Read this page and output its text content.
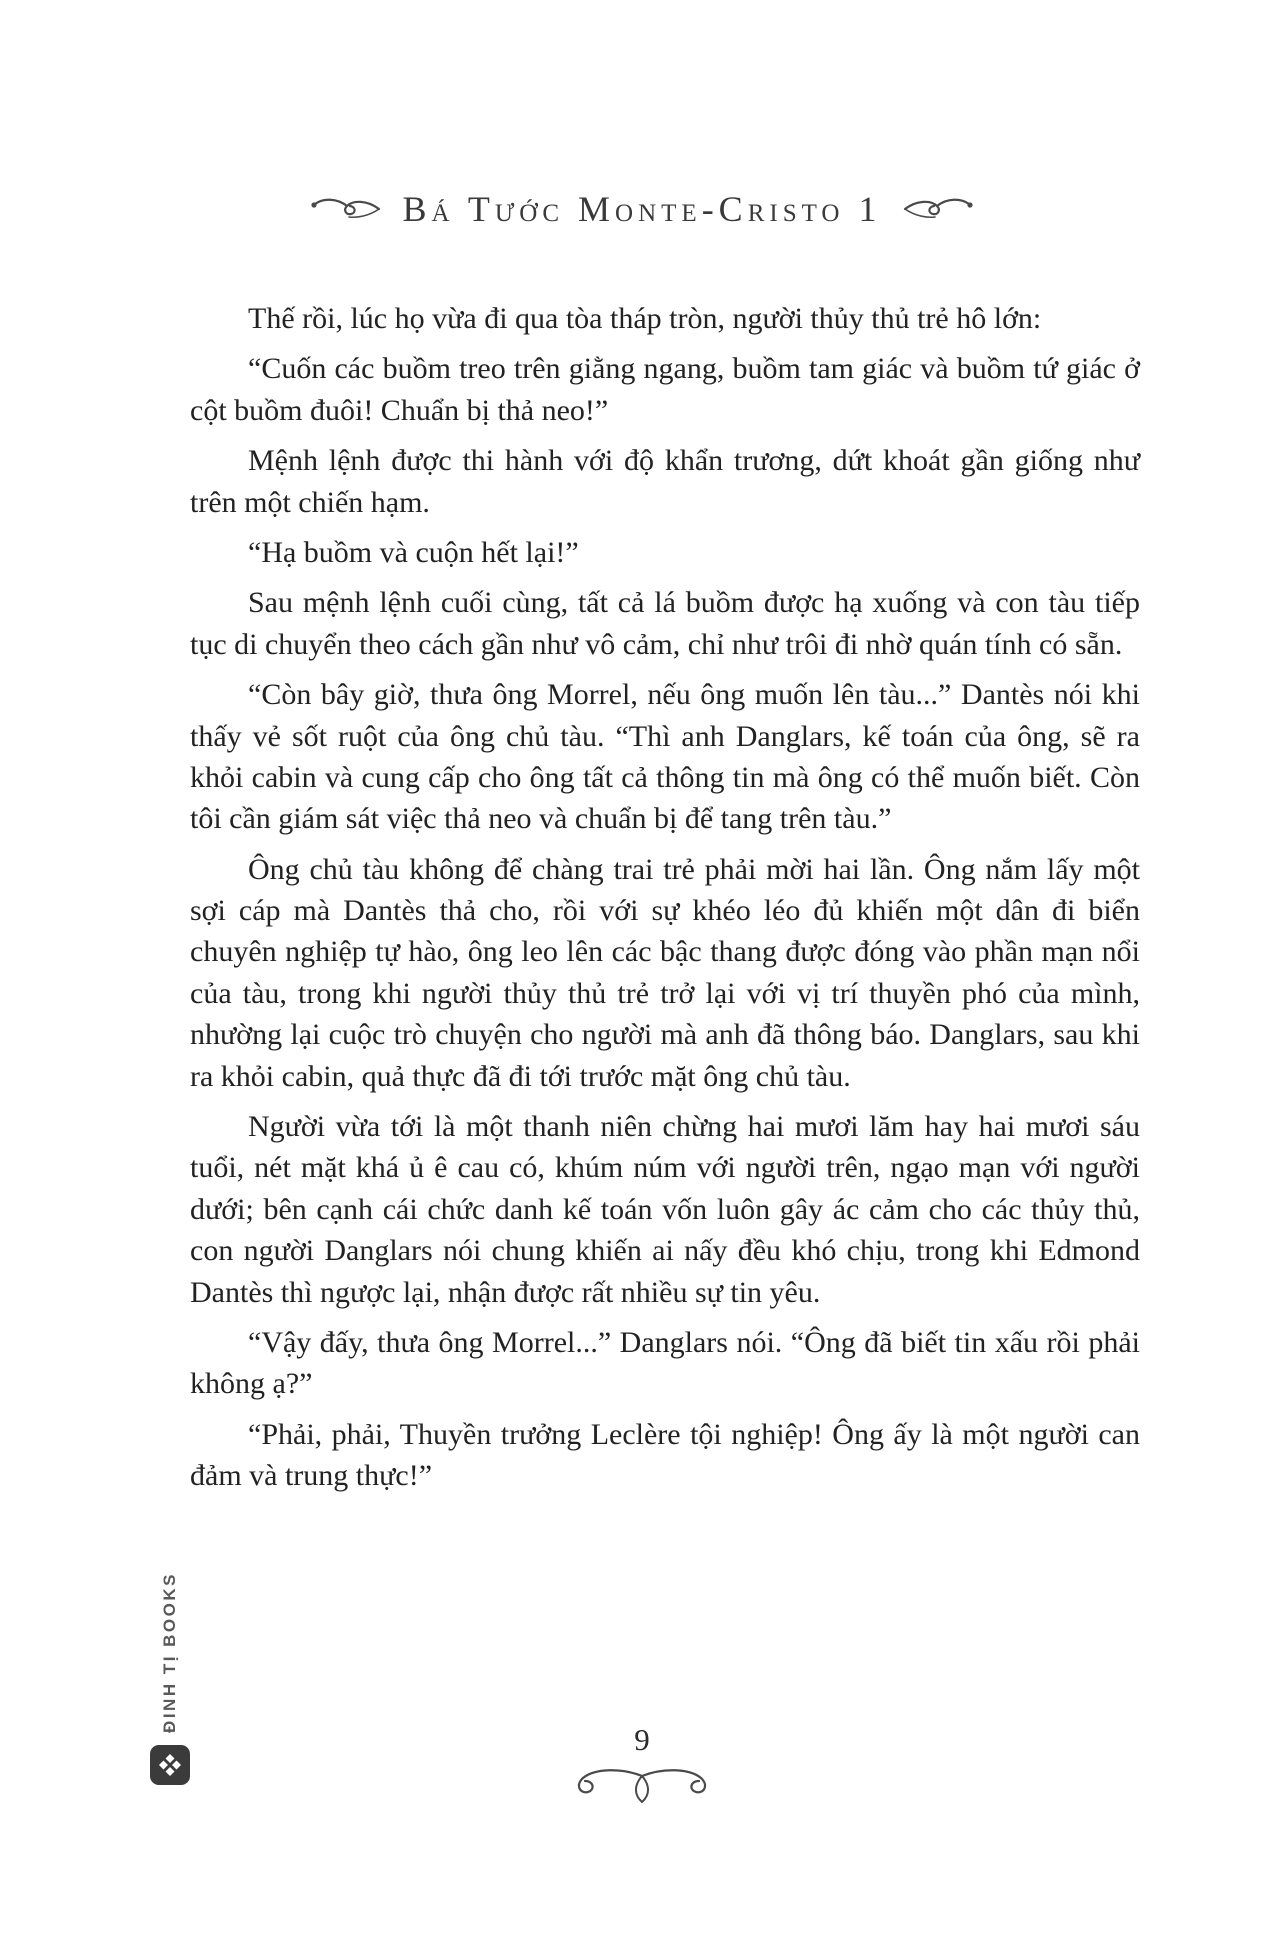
Bá Tước Monte-Cristo 1

Thế rồi, lúc họ vừa đi qua tòa tháp tròn, người thủy thủ trẻ hô lớn:

“Cuốn các buồm treo trên giằng ngang, buồm tam giác và buồm tứ giác ở cột buồm đuôi! Chuẩn bị thả neo!”

Mệnh lệnh được thi hành với độ khẩn trương, dứt khoát gần giống như trên một chiến hạm.

“Hạ buồm và cuộn hết lại!”

Sau mệnh lệnh cuối cùng, tất cả lá buồm được hạ xuống và con tàu tiếp tục di chuyển theo cách gần như vô cảm, chỉ như trôi đi nhờ quán tính có sẵn.

“Còn bây giờ, thưa ông Morrel, nếu ông muốn lên tàu...” Dantès nói khi thấy vẻ sốt ruột của ông chủ tàu. “Thì anh Danglars, kế toán của ông, sẽ ra khỏi cabin và cung cấp cho ông tất cả thông tin mà ông có thể muốn biết. Còn tôi cần giám sát việc thả neo và chuẩn bị để tang trên tàu.”

Ông chủ tàu không để chàng trai trẻ phải mời hai lần. Ông nắm lấy một sợi cáp mà Dantès thả cho, rồi với sự khéo léo đủ khiến một dân đi biển chuyên nghiệp tự hào, ông leo lên các bậc thang được đóng vào phần mạn nổi của tàu, trong khi người thủy thủ trẻ trở lại với vị trí thuyền phó của mình, nhường lại cuộc trò chuyện cho người mà anh đã thông báo. Danglars, sau khi ra khỏi cabin, quả thực đã đi tới trước mặt ông chủ tàu.

Người vừa tới là một thanh niên chừng hai mươi lăm hay hai mươi sáu tuổi, nét mặt khá ủ ê cau có, khúm núm với người trên, ngạo mạn với người dưới; bên cạnh cái chức danh kế toán vốn luôn gây ác cảm cho các thủy thủ, con người Danglars nói chung khiến ai nấy đều khó chịu, trong khi Edmond Dantès thì ngược lại, nhận được rất nhiều sự tin yêu.

“Vậy đấy, thưa ông Morrel...” Danglars nói. “Ông đã biết tin xấu rồi phải không ạ?”

“Phải, phải, Thuyền trưởng Leclère tội nghiệp! Ông ấy là một người can đảm và trung thực!”

ĐINH TỊ BOOKS
9
